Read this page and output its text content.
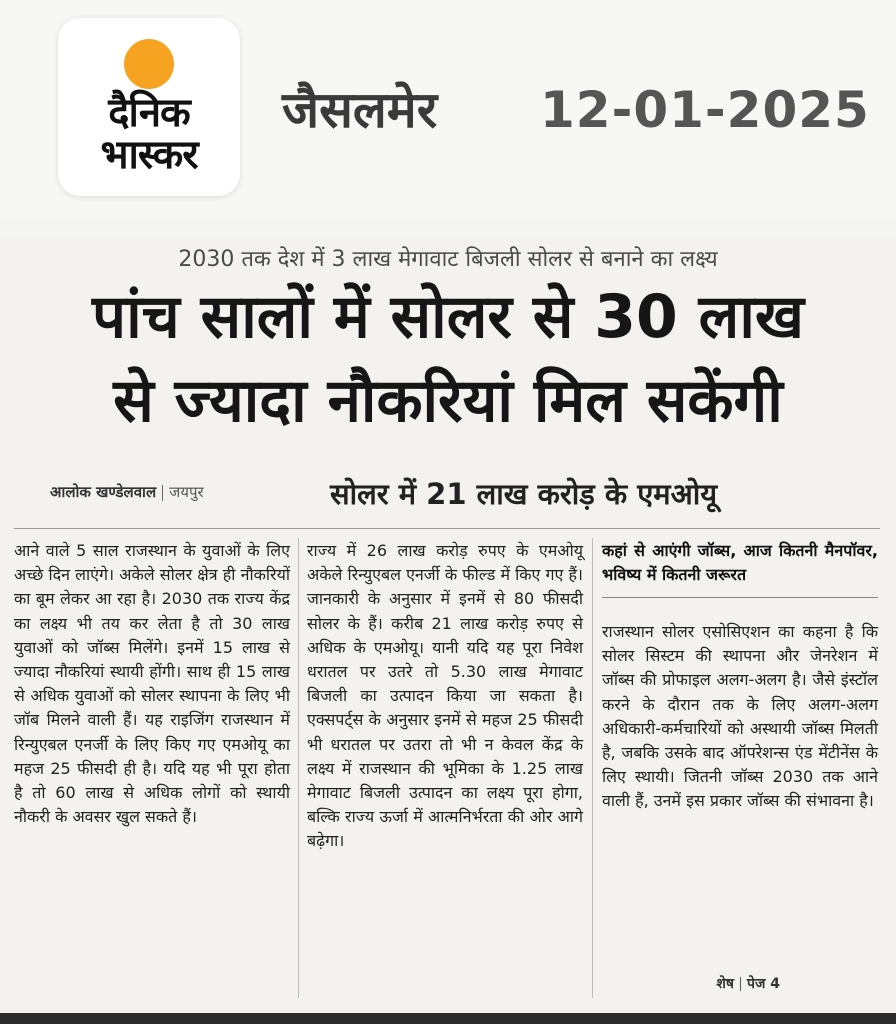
दैनिक
भास्कर
जैसलमेर 12-01-2025
2030 तक देश में 3 लाख मेगावाट बिजली सोलर से बनाने का लक्ष्य
पांच सालों में सोलर से 30 लाख
से ज्यादा नौकरियां मिल सकेंगी
आलोक खण्डेलवाल जयपुर	सोलर में 21 लाख करोड़ के एमओयू

आने वाले 5 साल राजस्थान के युवाओं के लिए अच्छे दिन लाएंगे। अकेले सोलर क्षेत्र ही नौकरियों का बूम लेकर आ रहा है। 2030 तक राज्य केंद्र का लक्ष्य भी तय कर लेता है तो 30 लाख युवाओं को जॉब्स मिलेंगे। इनमें 15 लाख से ज्यादा नौकरियां स्थायी होंगी। साथ ही 15 लाख से अधिक युवाओं को सोलर स्थापना के लिए भी जॉब मिलने वाली हैं। यह राइजिंग राजस्थान में रिन्युएबल एनर्जी के लिए किए गए एमओयू का महज 25 फीसदी ही है। यदि यह भी पूरा होता है तो 60 लाख से अधिक लोगों को स्थायी नौकरी के अवसर खुल सकते हैं।

राज्य में 26 लाख करोड़ रुपए के एमओयू अकेले रिन्युएबल एनर्जी के फील्ड में किए गए हैं। जानकारी के अनुसार में इनमें से 80 फीसदी सोलर के हैं। करीब 21 लाख करोड़ रुपए से अधिक के एमओयू। यानी यदि यह पूरा निवेश धरातल पर उतरे तो 5.30 लाख मेगावाट बिजली का उत्पादन किया जा सकता है। एक्सपर्ट्स के अनुसार इनमें से महज 25 फीसदी भी धरातल पर उतरा तो भी न केवल केंद्र के लक्ष्य में राजस्थान की भूमिका के 1.25 लाख मेगावाट बिजली उत्पादन का लक्ष्य पूरा होगा, बल्कि राज्य ऊर्जा में आत्मनिर्भरता की ओर आगे बढ़ेगा।

कहां से आएंगी जॉब्स, आज कितनी मैनपॉवर, भविष्य में कितनी जरूरत

राजस्थान सोलर एसोसिएशन का कहना है कि सोलर सिस्टम की स्थापना और जेनरेशन में जॉब्स की प्रोफाइल अलग-अलग है। जैसे इंस्टॉल करने के दौरान तक के लिए अलग-अलग अधिकारी-कर्मचारियों को अस्थायी जॉब्स मिलती है, जबकि उसके बाद ऑपरेशन्स एंड मेंटीनेंस के लिए स्थायी। जितनी जॉब्स 2030 तक आने वाली हैं, उनमें इस प्रकार जॉब्स की संभावना है।

शेष पेज 4
